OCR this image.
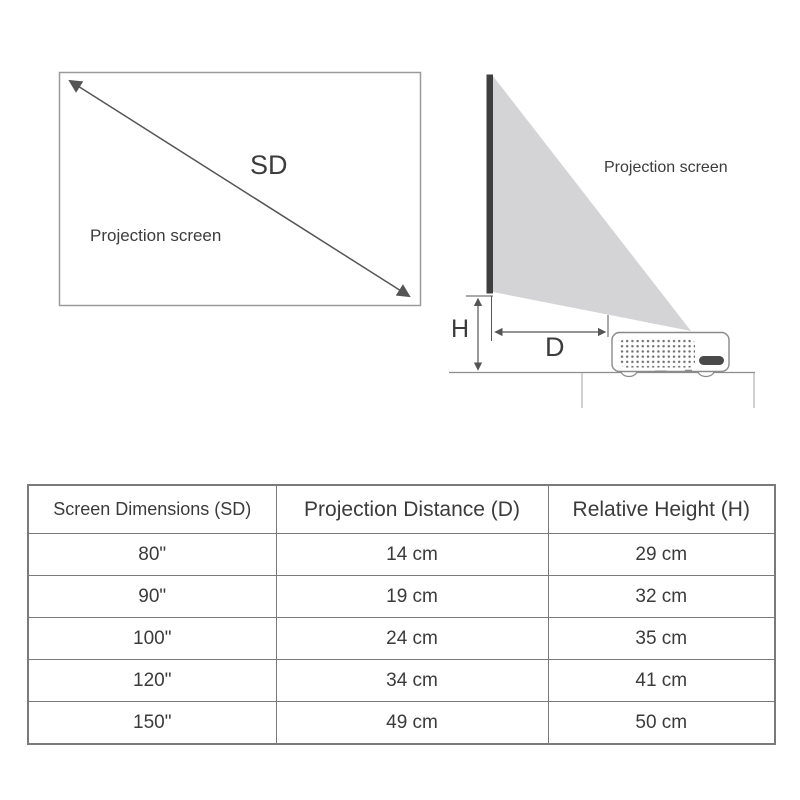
SD
Projection screen
Projection screen
H
D
Screen Dimensions (SD)	Projection Distance (D)	Relative Height (H)
80"	14 cm	29 cm
90"	19 cm	32 cm
100"	24 cm	35 cm
120"	34 cm	41 cm
150"	49 cm	50 cm
